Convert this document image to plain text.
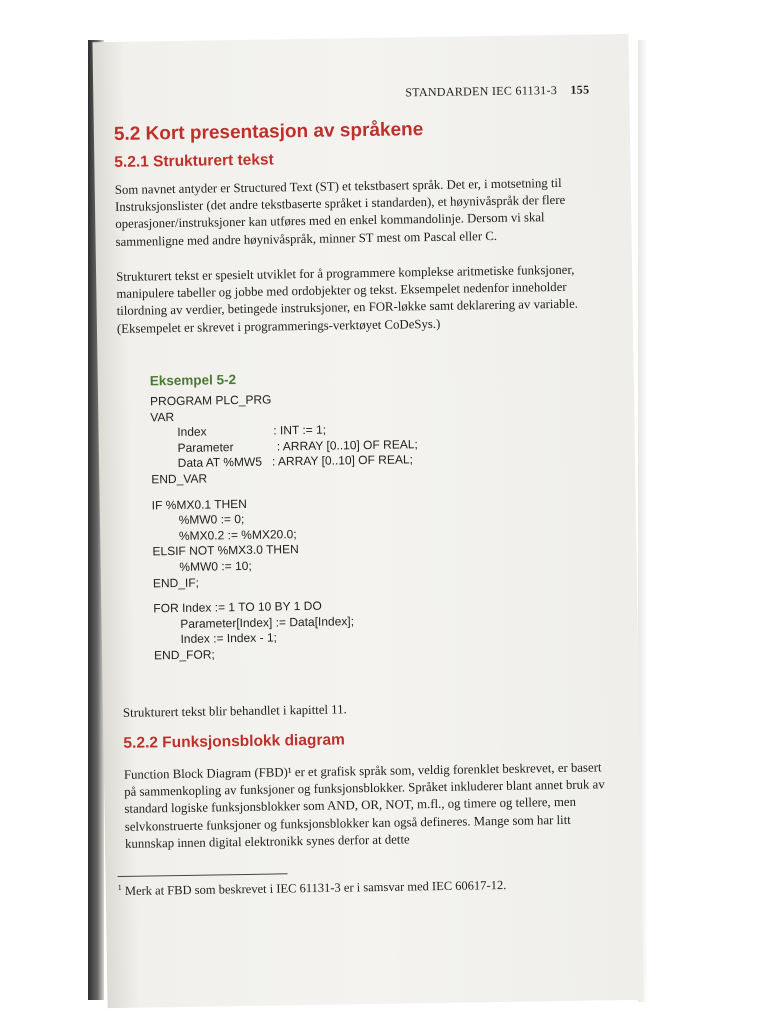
STANDARDEN IEC 61131-3 155
5.2 Kort presentasjon av språkene
5.2.1 Strukturert tekst

Som navnet antyder er Structured Text (ST) et tekstbasert språk. Det er, i motsetning til Instruksjonslister (det andre tekstbaserte språket i standarden), et høynivåspråk der flere operasjoner/instruksjoner kan utføres med en enkel kommandolinje. Dersom vi skal sammenligne med andre høynivåspråk, minner ST mest om Pascal eller C.

Strukturert tekst er spesielt utviklet for å programmere komplekse aritmetiske funksjoner, manipulere tabeller og jobbe med ordobjekter og tekst. Eksempelet nedenfor inneholder tilordning av verdier, betingede instruksjoner, en FOR-løkke samt deklarering av variable. (Eksempelet er skrevet i programmerings-verktøyet CoDeSys.)

Eksempel 5-2
PROGRAM PLC_PRG
VAR
Index                    : INT := 1;
Parameter             : ARRAY [0..10] OF REAL;
Data AT %MW5   : ARRAY [0..10] OF REAL;
END_VAR
IF %MX0.1 THEN
%MW0 := 0;
%MX0.2 := %MX20.0;
ELSIF NOT %MX3.0 THEN
%MW0 := 10;
END_IF;
FOR Index := 1 TO 10 BY 1 DO
Parameter[Index] := Data[Index];
Index := Index - 1;
END_FOR;

Strukturert tekst blir behandlet i kapittel 11.

5.2.2 Funksjonsblokk diagram

Function Block Diagram (FBD)¹ er et grafisk språk som, veldig forenklet beskrevet, er basert på sammenkopling av funksjoner og funksjonsblokker. Språket inkluderer blant annet bruk av standard logiske funksjonsblokker som AND, OR, NOT, m.fl., og timere og tellere, men selvkonstruerte funksjoner og funksjonsblokker kan også defineres. Mange som har litt kunnskap innen digital elektronikk synes derfor at dette

$^1$ Merk at FBD som beskrevet i IEC 61131-3 er i samsvar med IEC 60617-12.
